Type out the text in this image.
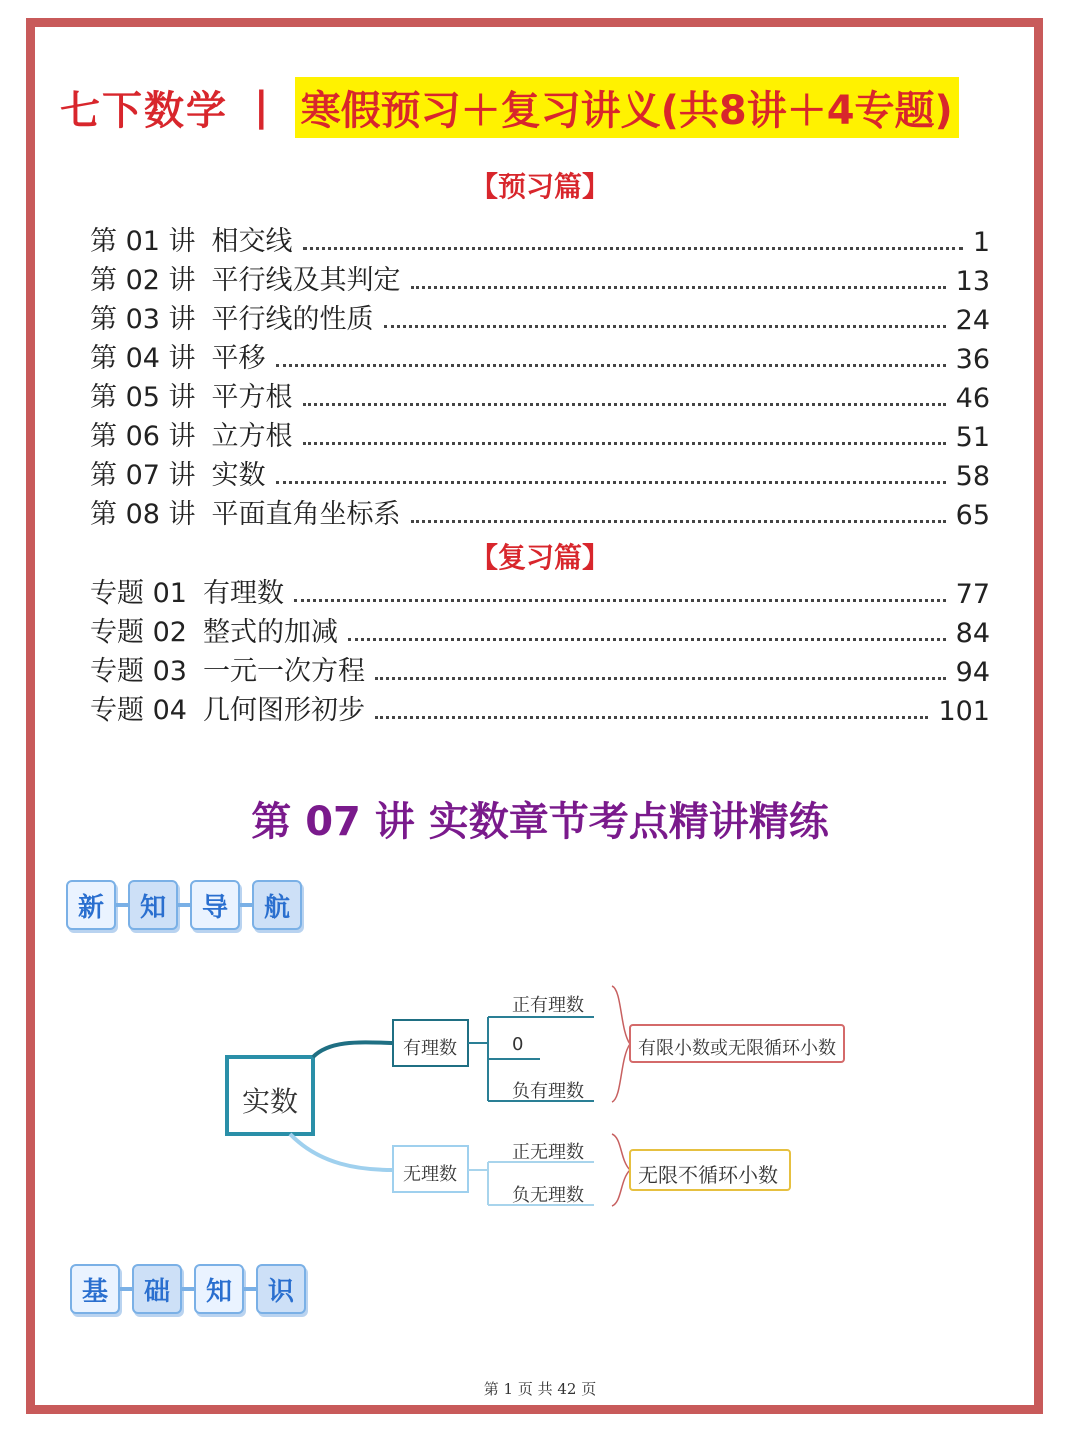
七下数学 | 寒假预习＋复习讲义(共8讲＋4专题)
【预习篇】
第 01 讲 相交线	1
第 02 讲 平行线及其判定	13
第 03 讲 平行线的性质	24
第 04 讲 平移	36
第 05 讲 平方根	46
第 06 讲 立方根	51
第 07 讲 实数	58
第 08 讲 平面直角坐标系	65
【复习篇】
专题 01 有理数	77
专题 02 整式的加减	84
专题 03 一元一次方程	94
专题 04 几何图形初步	101
第 07 讲 实数章节考点精讲精练
新	知	导	航
实数
有理数
无理数
正有理数
0
负有理数
正无理数
负无理数
有限小数或无限循环小数
无限不循环小数
基	础	知	识
第 1 页 共 42 页
